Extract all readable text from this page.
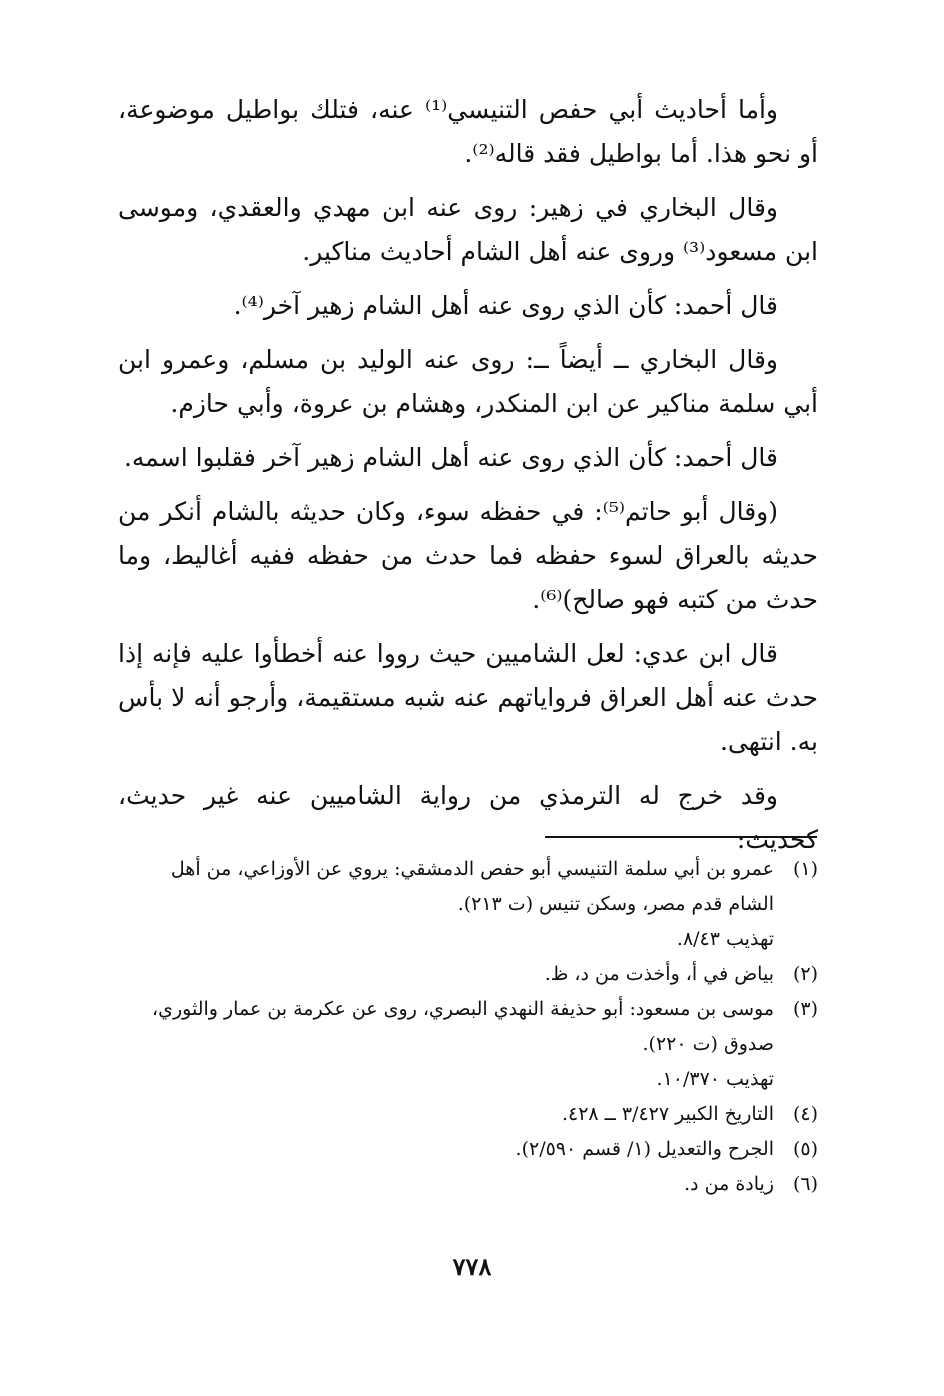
وأما أحاديث أبي حفص التنيسي⁽¹⁾ عنه، فتلك بواطيل موضوعة، أو نحو هذا. أما بواطيل فقد قاله⁽²⁾.

وقال البخاري في زهير: روى عنه ابن مهدي والعقدي، وموسى ابن مسعود⁽³⁾ وروى عنه أهل الشام أحاديث مناكير.

قال أحمد: كأن الذي روى عنه أهل الشام زهير آخر⁽⁴⁾.

وقال البخاري ــ أيضاً ــ: روى عنه الوليد بن مسلم، وعمرو ابن أبي سلمة مناكير عن ابن المنكدر، وهشام بن عروة، وأبي حازم.

قال أحمد: كأن الذي روى عنه أهل الشام زهير آخر فقلبوا اسمه.

(وقال أبو حاتم⁽⁵⁾: في حفظه سوء، وكان حديثه بالشام أنكر من حديثه بالعراق لسوء حفظه فما حدث من حفظه ففيه أغاليط، وما حدث من كتبه فهو صالح)⁽⁶⁾.

قال ابن عدي: لعل الشاميين حيث رووا عنه أخطأوا عليه فإنه إذا حدث عنه أهل العراق فرواياتهم عنه شبه مستقيمة، وأرجو أنه لا بأس به. انتهى.

وقد خرج له الترمذي من رواية الشاميين عنه غير حديث، كحديث:

(١)
عمرو بن أبي سلمة التنيسي أبو حفص الدمشقي: يروي عن الأوزاعي، من أهل
الشام قدم مصر، وسكن تنيس (ت ٢١٣).
تهذيب ٨/٤٣.
(٢)
بياض في أ، وأخذت من د، ظ.
(٣)
موسى بن مسعود: أبو حذيفة النهدي البصري، روى عن عكرمة بن عمار والثوري،
صدوق (ت ٢٢٠).
تهذيب ١٠/٣٧٠.
(٤)
التاريخ الكبير ٣/٤٢٧ ــ ٤٢٨.
(٥)
الجرح والتعديل (١/ قسم ٢/٥٩٠).
(٦)
زيادة من د.
٧٧٨
